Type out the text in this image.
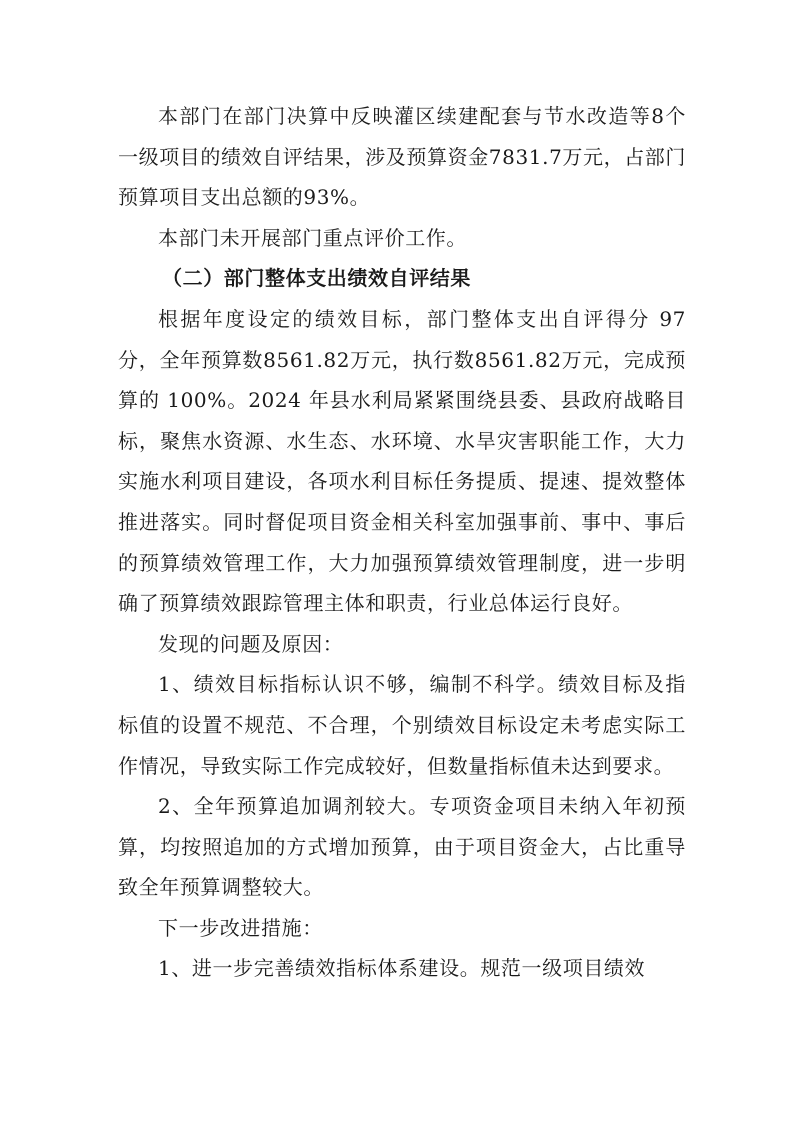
本部门在部门决算中反映灌区续建配套与节水改造等8个一级项目的绩效自评结果，涉及预算资金7831.7万元，占部门预算项目支出总额的93%。

本部门未开展部门重点评价工作。

（二）部门整体支出绩效自评结果

根据年度设定的绩效目标，部门整体支出自评得分 97 分，全年预算数8561.82万元，执行数8561.82万元，完成预算的 100%。2024 年县水利局紧紧围绕县委、县政府战略目标，聚焦水资源、水生态、水环境、水旱灾害职能工作，大力实施水利项目建设，各项水利目标任务提质、提速、提效整体推进落实。同时督促项目资金相关科室加强事前、事中、事后的预算绩效管理工作，大力加强预算绩效管理制度，进一步明确了预算绩效跟踪管理主体和职责，行业总体运行良好。

发现的问题及原因：

1、绩效目标指标认识不够，编制不科学。绩效目标及指标值的设置不规范、不合理，个别绩效目标设定未考虑实际工作情况，导致实际工作完成较好，但数量指标值未达到要求。

2、全年预算追加调剂较大。专项资金项目未纳入年初预算，均按照追加的方式增加预算，由于项目资金大，占比重导致全年预算调整较大。

下一步改进措施：

1、进一步完善绩效指标体系建设。规范一级项目绩效
